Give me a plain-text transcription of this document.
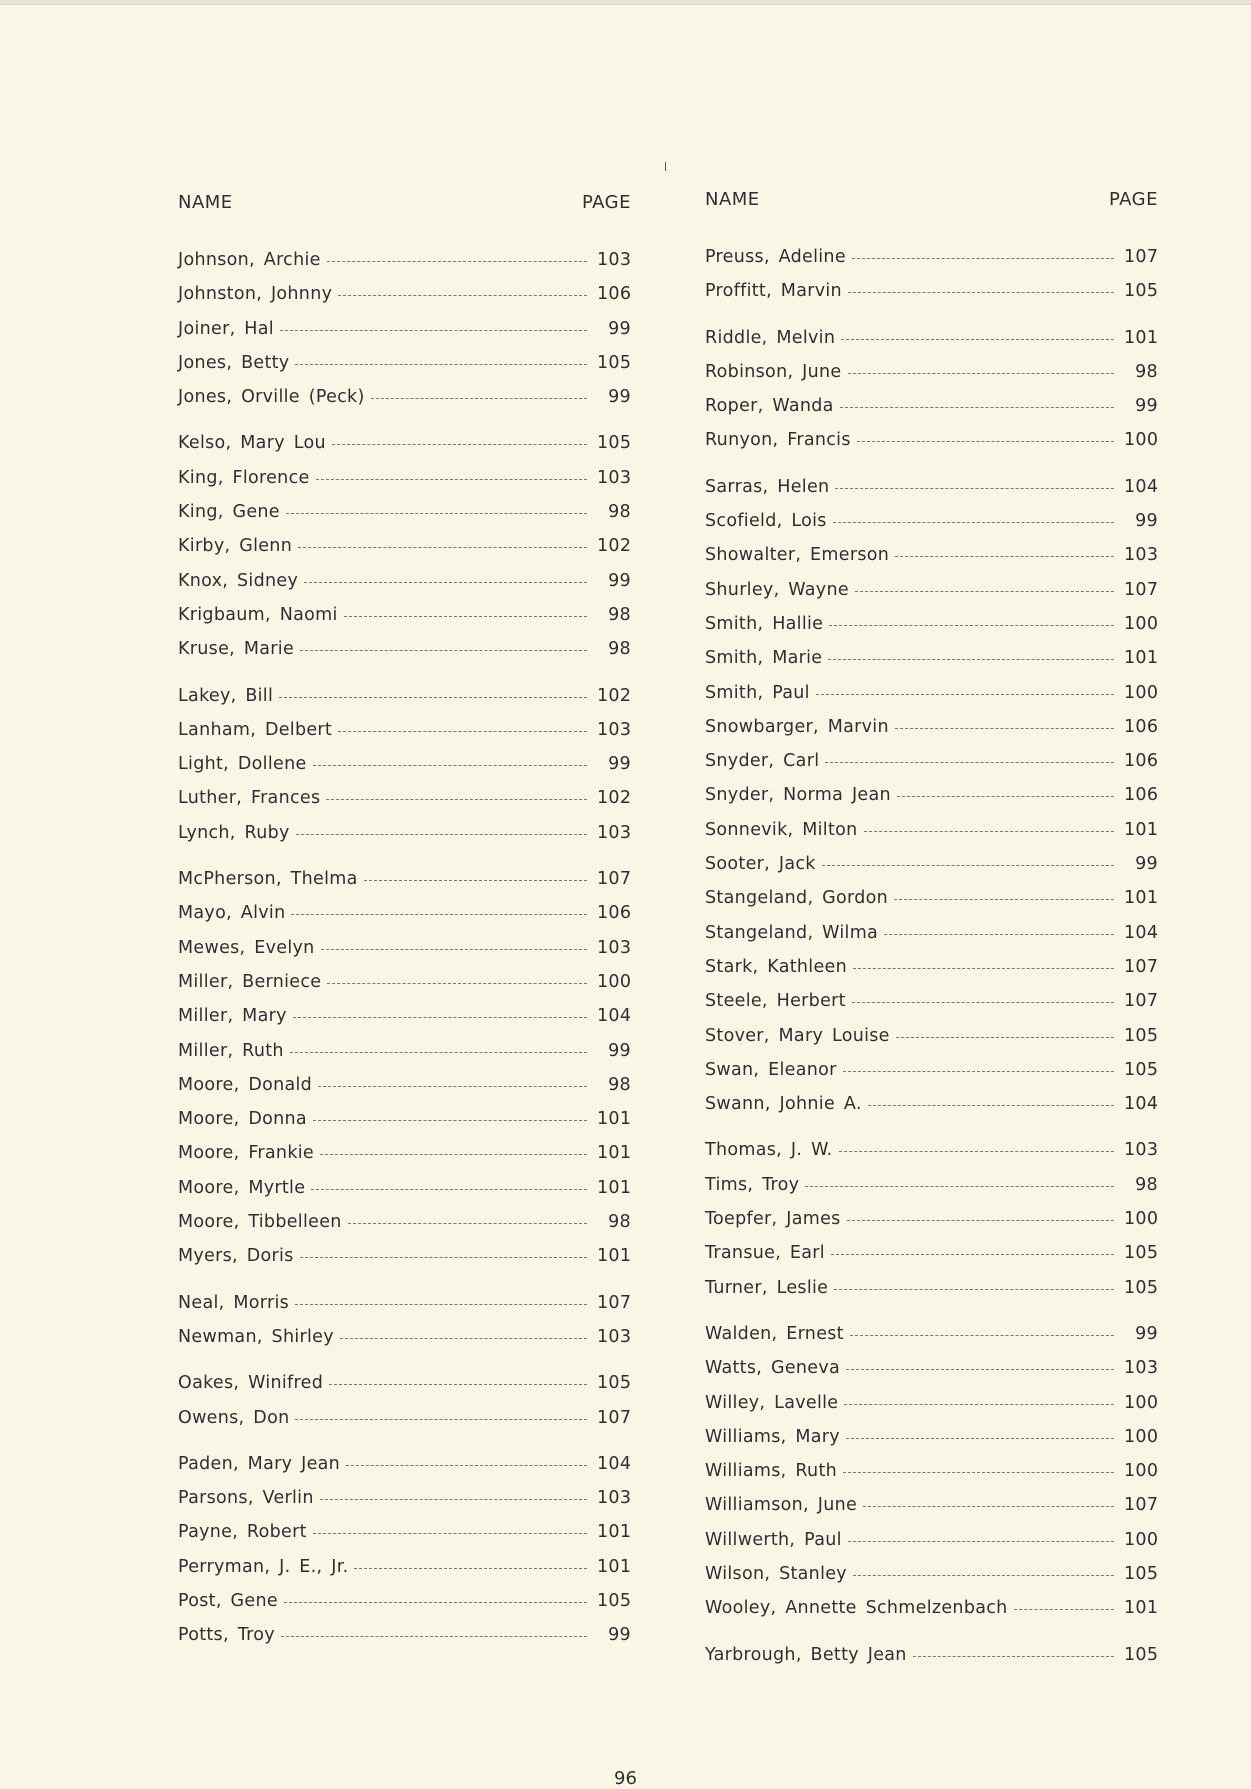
NAME	PAGE
Johnson, Archie	103
Johnston, Johnny	106
Joiner, Hal	99
Jones, Betty	105
Jones, Orville (Peck)	99
Kelso, Mary Lou	105
King, Florence	103
King, Gene	98
Kirby, Glenn	102
Knox, Sidney	99
Krigbaum, Naomi	98
Kruse, Marie	98
Lakey, Bill	102
Lanham, Delbert	103
Light, Dollene	99
Luther, Frances	102
Lynch, Ruby	103
McPherson, Thelma	107
Mayo, Alvin	106
Mewes, Evelyn	103
Miller, Berniece	100
Miller, Mary	104
Miller, Ruth	99
Moore, Donald	98
Moore, Donna	101
Moore, Frankie	101
Moore, Myrtle	101
Moore, Tibbelleen	98
Myers, Doris	101
Neal, Morris	107
Newman, Shirley	103
Oakes, Winifred	105
Owens, Don	107
Paden, Mary Jean	104
Parsons, Verlin	103
Payne, Robert	101
Perryman, J. E., Jr.	101
Post, Gene	105
Potts, Troy	99
NAME	PAGE
Preuss, Adeline	107
Proffitt, Marvin	105
Riddle, Melvin	101
Robinson, June	98
Roper, Wanda	99
Runyon, Francis	100
Sarras, Helen	104
Scofield, Lois	99
Showalter, Emerson	103
Shurley, Wayne	107
Smith, Hallie	100
Smith, Marie	101
Smith, Paul	100
Snowbarger, Marvin	106
Snyder, Carl	106
Snyder, Norma Jean	106
Sonnevik, Milton	101
Sooter, Jack	99
Stangeland, Gordon	101
Stangeland, Wilma	104
Stark, Kathleen	107
Steele, Herbert	107
Stover, Mary Louise	105
Swan, Eleanor	105
Swann, Johnie A.	104
Thomas, J. W.	103
Tims, Troy	98
Toepfer, James	100
Transue, Earl	105
Turner, Leslie	105
Walden, Ernest	99
Watts, Geneva	103
Willey, Lavelle	100
Williams, Mary	100
Williams, Ruth	100
Williamson, June	107
Willwerth, Paul	100
Wilson, Stanley	105
Wooley, Annette Schmelzenbach	101
Yarbrough, Betty Jean	105
96
